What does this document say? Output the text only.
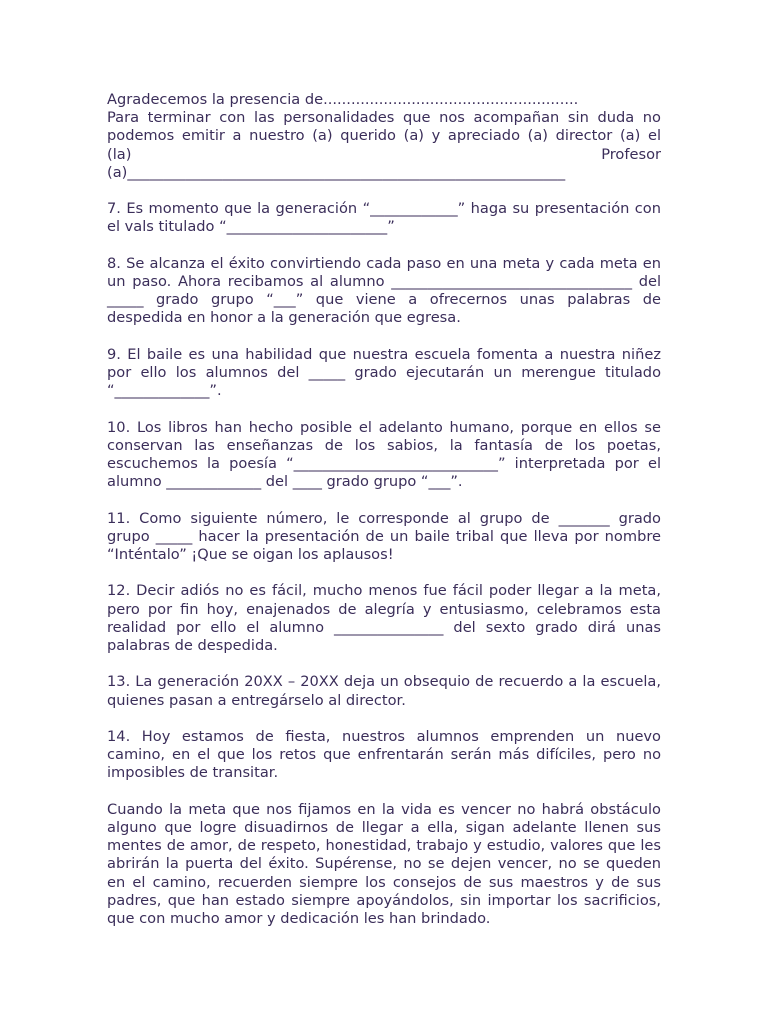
Agradecemos la presencia de.......................................................
Para terminar con las personalidades que nos acompañan sin duda no
podemos emitir a nuestro (a) querido (a) y apreciado (a) director (a) el
(la) Profesor
(a)____________________________________________________________

7. Es momento que la generación “____________” haga su presentación con el vals titulado “______________________”

8. Se alcanza el éxito convirtiendo cada paso en una meta y cada meta en un paso. Ahora recibamos al alumno _________________________________ del _____ grado grupo “___” que viene a ofrecernos unas palabras de despedida en honor a la generación que egresa.

9. El baile es una habilidad que nuestra escuela fomenta a nuestra niñez por ello los alumnos del _____ grado ejecutarán un merengue titulado “_____________”.

10. Los libros han hecho posible el adelanto humano, porque en ellos se conservan las enseñanzas de los sabios, la fantasía de los poetas, escuchemos la poesía “____________________________” interpretada por el alumno _____________ del ____ grado grupo “___”.

11. Como siguiente número, le corresponde al grupo de _______ grado grupo _____ hacer la presentación de un baile tribal que lleva por nombre “Inténtalo” ¡Que se oigan los aplausos!

12. Decir adiós no es fácil, mucho menos fue fácil poder llegar a la meta, pero por fin hoy, enajenados de alegría y entusiasmo, celebramos esta realidad por ello el alumno _______________ del sexto grado dirá unas palabras de despedida.

13. La generación 20XX – 20XX deja un obsequio de recuerdo a la escuela, quienes pasan a entregárselo al director.

14. Hoy estamos de fiesta, nuestros alumnos emprenden un nuevo camino, en el que los retos que enfrentarán serán más difíciles, pero no imposibles de transitar.

Cuando la meta que nos fijamos en la vida es vencer no habrá obstáculo alguno que logre disuadirnos de llegar a ella, sigan adelante llenen sus mentes de amor, de respeto, honestidad, trabajo y estudio, valores que les abrirán la puerta del éxito. Supérense, no se dejen vencer, no se queden en el camino, recuerden siempre los consejos de sus maestros y de sus padres, que han estado siempre apoyándolos, sin importar los sacrificios, que con mucho amor y dedicación les han brindado.
